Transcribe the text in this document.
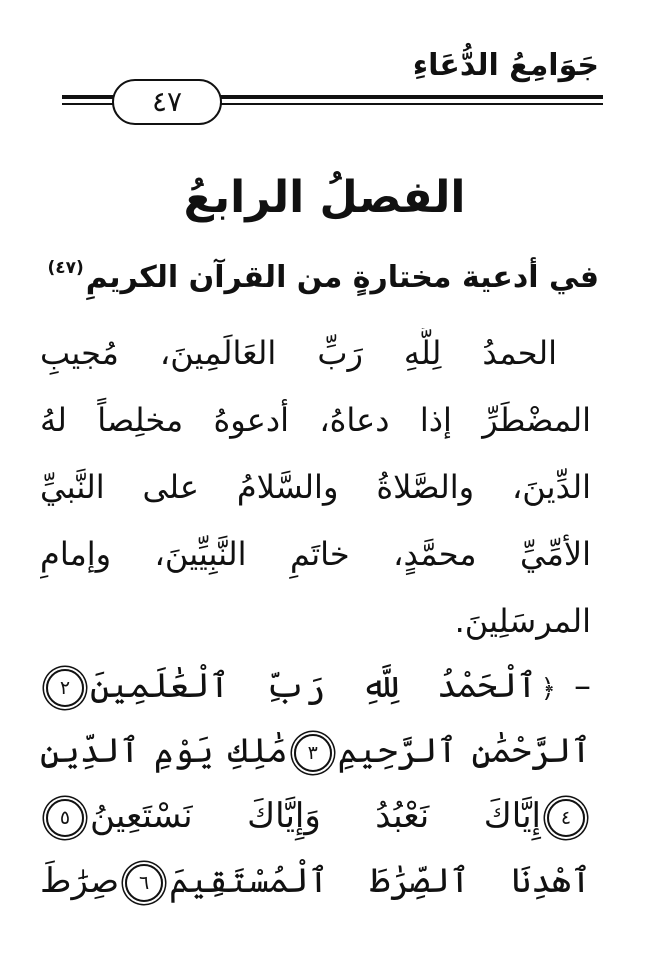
جَوَامِعُ الدُّعَاءِ
٤٧
الفصلُ الرابعُ
في أدعية مختارةٍ من القرآن الكريمِ$^{(٤٧)}$
الحمدُ لِلَّهِ رَبِّ العَالَمِينَ، مُجيبِ
المضْطَرِّ إذا دعاهُ، أدعوهُ مخلِصاً لهُ
الدِّينَ، والصَّلاةُ والسَّلامُ على النَّبيِّ
الأمِّيِّ محمَّدٍ، خاتَمِ النَّبِيِّينَ، وإمامِ
المرسَلِينَ.
–﴿ٱلْحَمْدُ لِلَّهِ رَبِّ ٱلْعَٰلَمِينَ٢
ٱلرَّحْمَٰنِ ٱلرَّحِيمِ٣مَٰلِكِ يَوْمِ ٱلدِّينِ
٤إِيَّاكَ نَعْبُدُ وَإِيَّاكَ نَسْتَعِينُ٥
ٱهْدِنَا ٱلصِّرَٰطَ ٱلْمُسْتَقِيمَ٦صِرَٰطَ
